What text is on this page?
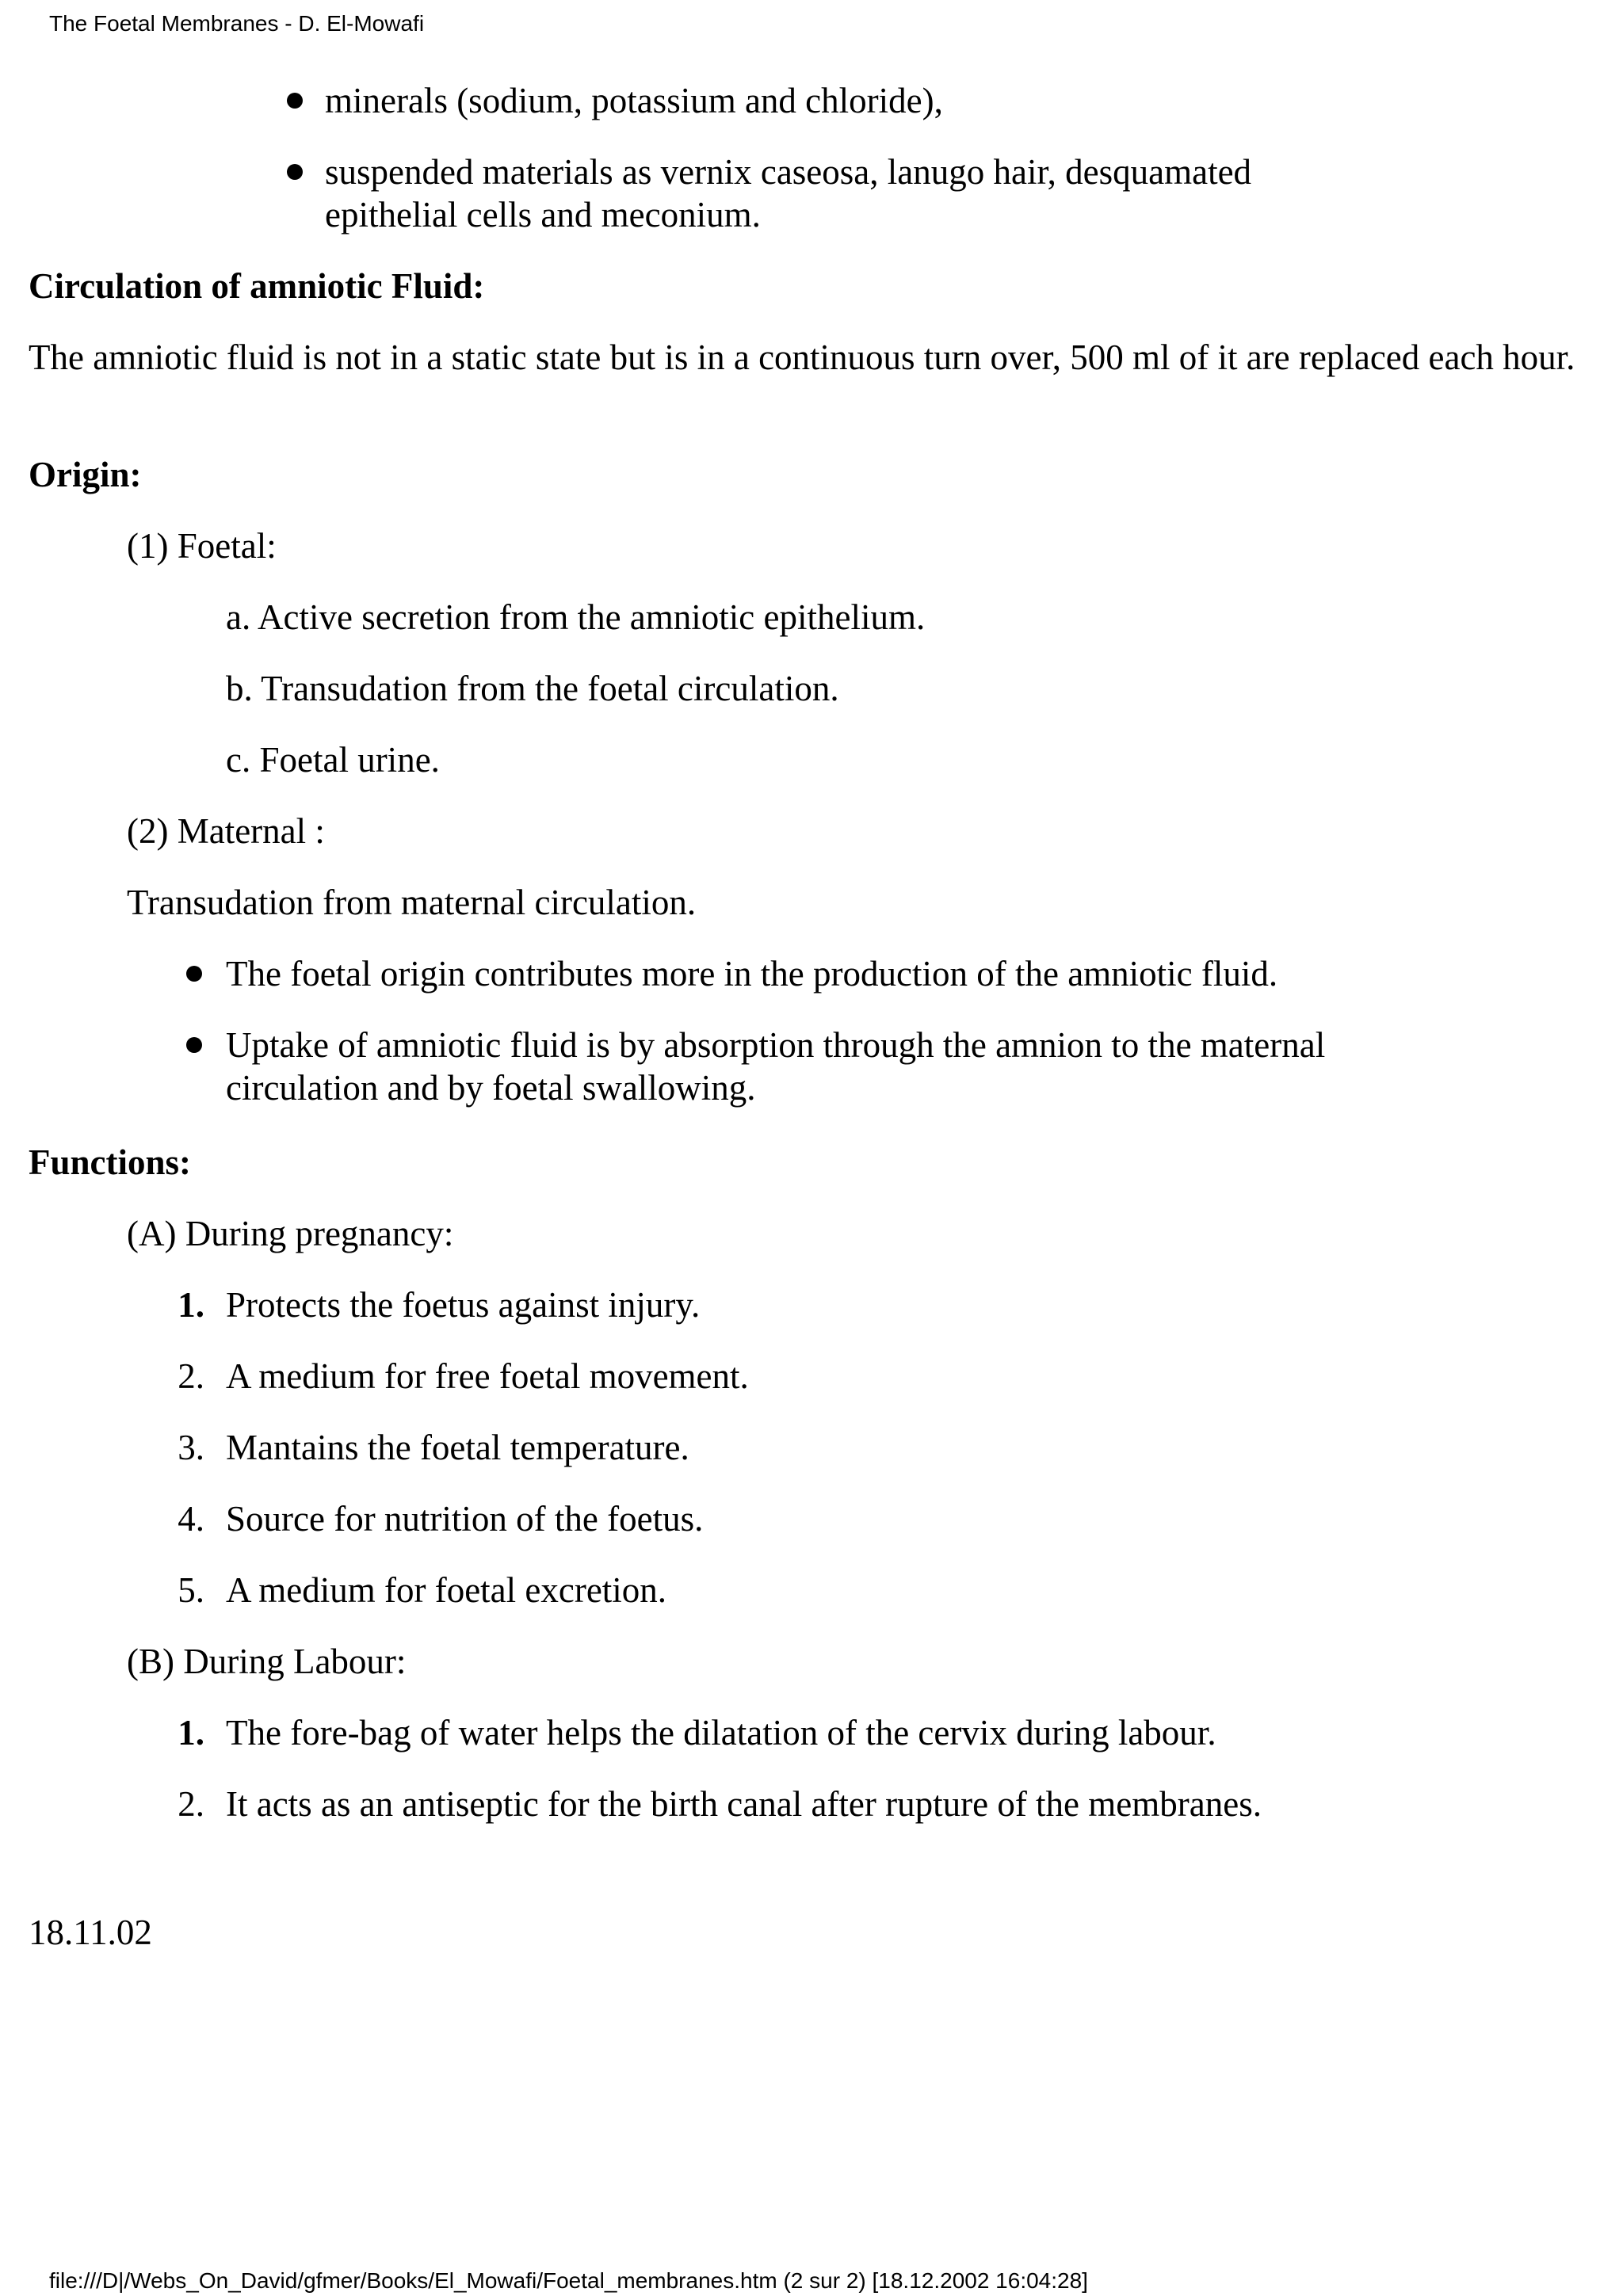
The Foetal Membranes - D. El-Mowafi

minerals (sodium, potassium and chloride),

suspended materials as vernix caseosa, lanugo hair, desquamated epithelial cells and meconium.

Circulation of amniotic Fluid:

The amniotic fluid is not in a static state but is in a continuous turn over, 500 ml of it are replaced each hour.

Origin:

(1) Foetal:

a. Active secretion from the amniotic epithelium.

b. Transudation from the foetal circulation.

c. Foetal urine.

(2) Maternal :

Transudation from maternal circulation.

The foetal origin contributes more in the production of the amniotic fluid.

Uptake of amniotic fluid is by absorption through the amnion to the maternal circulation and by foetal swallowing.

Functions:

(A) During pregnancy:

1. Protects the foetus against injury.

2. A medium for free foetal movement.

3. Mantains the foetal temperature.

4. Source for nutrition of the foetus.

5. A medium for foetal excretion.

(B) During Labour:

1. The fore-bag of water helps the dilatation of the cervix during labour.

2. It acts as an antiseptic for the birth canal after rupture of the membranes.

18.11.02

file:///D|/Webs_On_David/gfmer/Books/El_Mowafi/Foetal_membranes.htm (2 sur 2) [18.12.2002 16:04:28]
